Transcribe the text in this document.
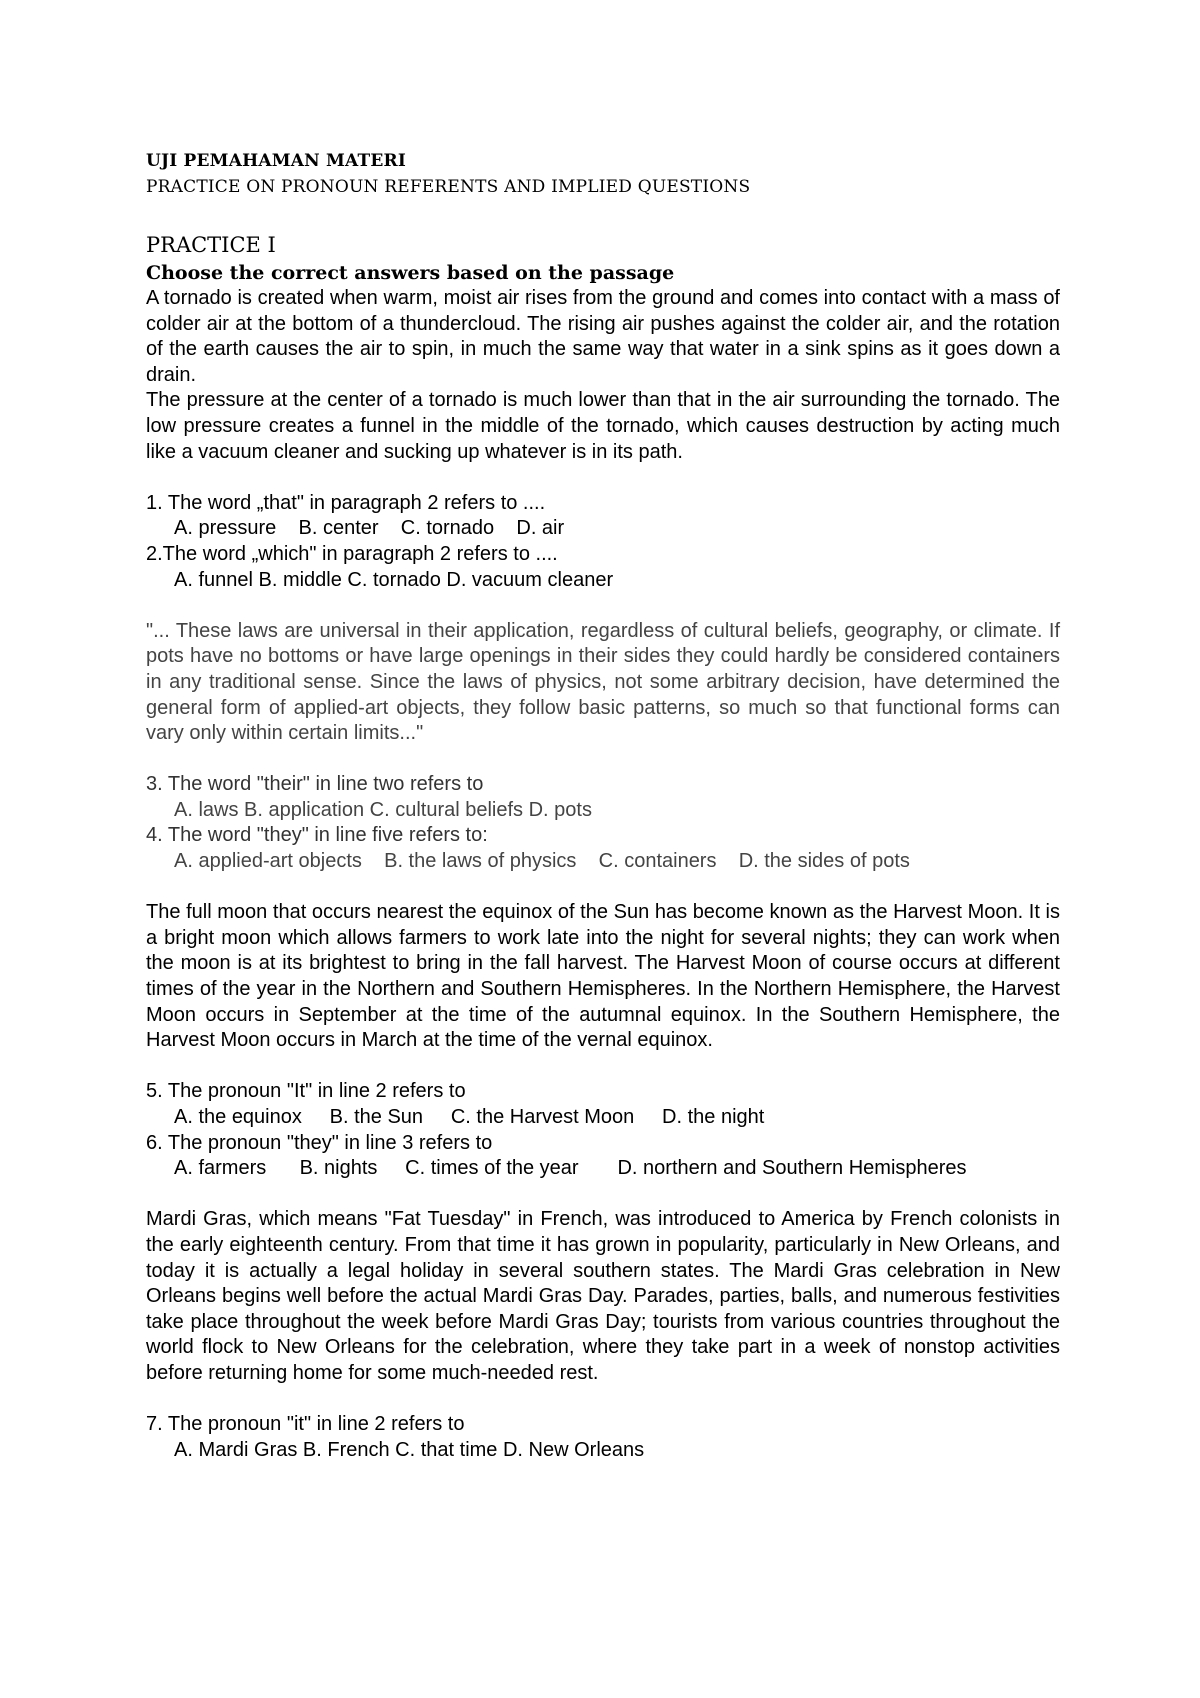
UJI PEMAHAMAN MATERI

PRACTICE ON PRONOUN REFERENTS AND IMPLIED QUESTIONS

PRACTICE I

Choose the correct answers based on the passage

A tornado is created when warm, moist air rises from the ground and comes into contact with a mass of colder air at the bottom of a thundercloud. The rising air pushes against the colder air, and the rotation of the earth causes the air to spin, in much the same way that water in a sink spins as it goes down a drain.

The pressure at the center of a tornado is much lower than that in the air surrounding the tornado. The low pressure creates a funnel in the middle of the tornado, which causes destruction by acting much like a vacuum cleaner and sucking up whatever is in its path.

1. The word „that" in paragraph 2 refers to ....

A. pressure    B. center    C. tornado    D. air

2.The word „which" in paragraph 2 refers to ....

A. funnel B. middle C. tornado D. vacuum cleaner

"... These laws are universal in their application, regardless of cultural beliefs, geography, or climate. If pots have no bottoms or have large openings in their sides they could hardly be considered containers in any traditional sense. Since the laws of physics, not some arbitrary decision, have determined the general form of applied-art objects, they follow basic patterns, so much so that functional forms can vary only within certain limits..."

3. The word "their" in line two refers to

A. laws B. application C. cultural beliefs D. pots

4. The word "they" in line five refers to:

A. applied-art objects    B. the laws of physics    C. containers    D. the sides of pots

The full moon that occurs nearest the equinox of the Sun has become known as the Harvest Moon. It is a bright moon which allows farmers to work late into the night for several nights; they can work when the moon is at its brightest to bring in the fall harvest. The Harvest Moon of course occurs at different times of the year in the Northern and Southern Hemispheres. In the Northern Hemisphere, the Harvest Moon occurs in September at the time of the autumnal equinox. In the Southern Hemisphere, the Harvest Moon occurs in March at the time of the vernal equinox.

5. The pronoun "It" in line 2 refers to

A. the equinox     B. the Sun     C. the Harvest Moon     D. the night

6. The pronoun "they" in line 3 refers to

A. farmers      B. nights     C. times of the year       D. northern and Southern Hemispheres

Mardi Gras, which means "Fat Tuesday" in French, was introduced to America by French colonists in the early eighteenth century. From that time it has grown in popularity, particularly in New Orleans, and today it is actually a legal holiday in several southern states. The Mardi Gras celebration in New Orleans begins well before the actual Mardi Gras Day. Parades, parties, balls, and numerous festivities take place throughout the week before Mardi Gras Day; tourists from various countries throughout the world flock to New Orleans for the celebration, where they take part in a week of nonstop activities before returning home for some much-needed rest.

7. The pronoun "it" in line 2 refers to

A. Mardi Gras B. French C. that time D. New Orleans
